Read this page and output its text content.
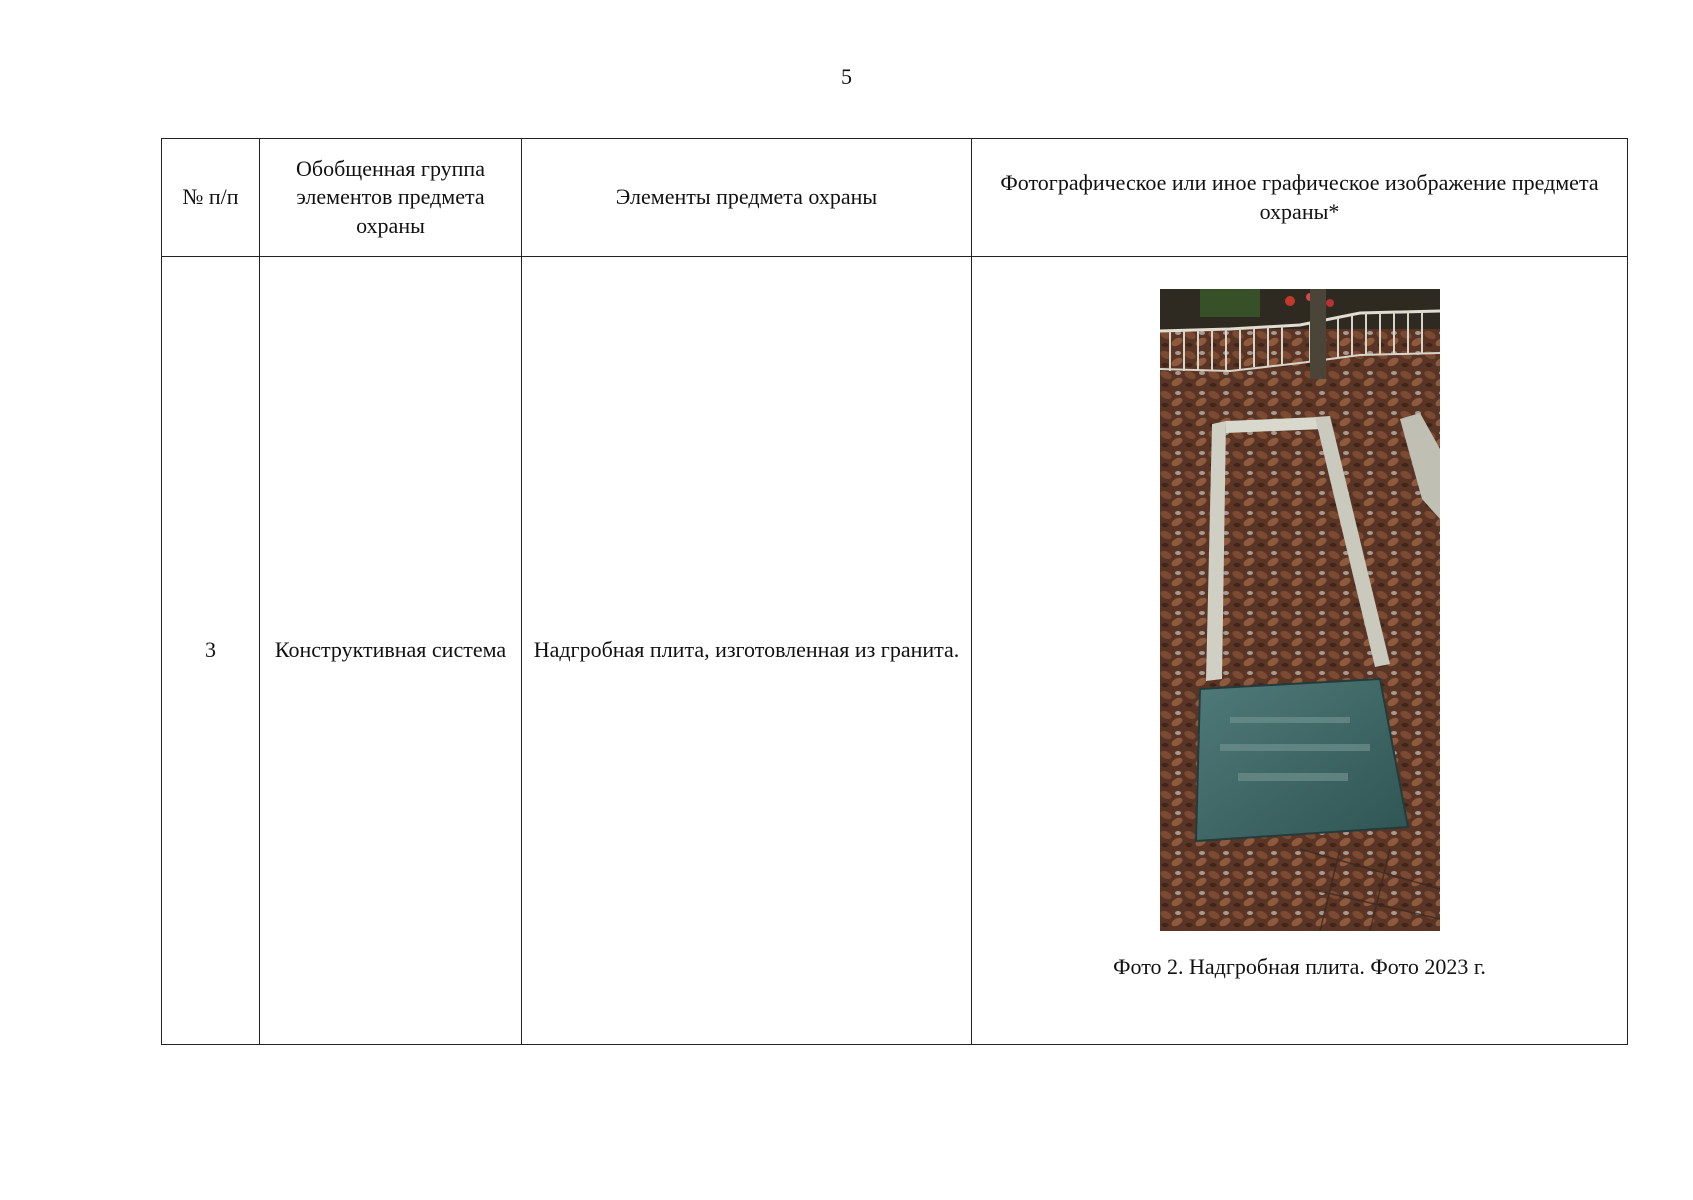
5
№ п/п	Обобщенная группа элементов предмета охраны	Элементы предмета охраны	Фотографическое или иное графическое изображение предмета охраны*
3	Конструктивная система	Надгробная плита, изготовленная из гранита.	Фото 2. Надгробная плита. Фото 2023 г.
